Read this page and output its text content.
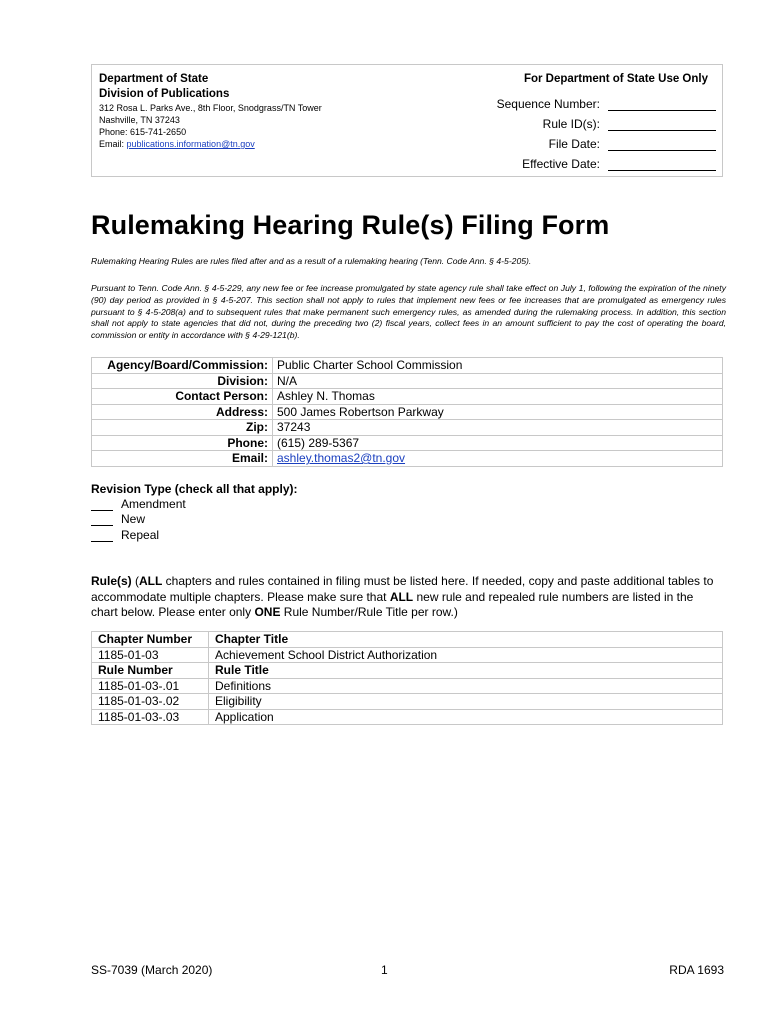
Department of State
Division of Publications
312 Rosa L. Parks Ave., 8th Floor, Snodgrass/TN Tower
Nashville, TN 37243
Phone: 615-741-2650
Email: publications.information@tn.gov
For Department of State Use Only
Sequence Number:
Rule ID(s):
File Date:
Effective Date:
Rulemaking Hearing Rule(s) Filing Form
Rulemaking Hearing Rules are rules filed after and as a result of a rulemaking hearing (Tenn. Code Ann. § 4-5-205).
Pursuant to Tenn. Code Ann. § 4-5-229, any new fee or fee increase promulgated by state agency rule shall take effect on July 1, following the expiration of the ninety (90) day period as provided in § 4-5-207. This section shall not apply to rules that implement new fees or fee increases that are promulgated as emergency rules pursuant to § 4-5-208(a) and to subsequent rules that make permanent such emergency rules, as amended during the rulemaking process. In addition, this section shall not apply to state agencies that did not, during the preceding two (2) fiscal years, collect fees in an amount sufficient to pay the cost of operating the board, commission or entity in accordance with § 4-29-121(b).
Agency/Board/Commission:	Public Charter School Commission
Division:	N/A
Contact Person:	Ashley N. Thomas
Address:	500 James Robertson Parkway
Zip:	37243
Phone:	(615) 289-5367
Email:	ashley.thomas2@tn.gov
Revision Type (check all that apply):
Amendment
New
Repeal
Rule(s) (ALL chapters and rules contained in filing must be listed here. If needed, copy and paste additional tables to accommodate multiple chapters. Please make sure that ALL new rule and repealed rule numbers are listed in the chart below. Please enter only ONE Rule Number/Rule Title per row.)
Chapter Number	Chapter Title
1185-01-03	Achievement School District Authorization
Rule Number	Rule Title
1185-01-03-.01	Definitions
1185-01-03-.02	Eligibility
1185-01-03-.03	Application
SS-7039 (March 2020)	1	RDA 1693
